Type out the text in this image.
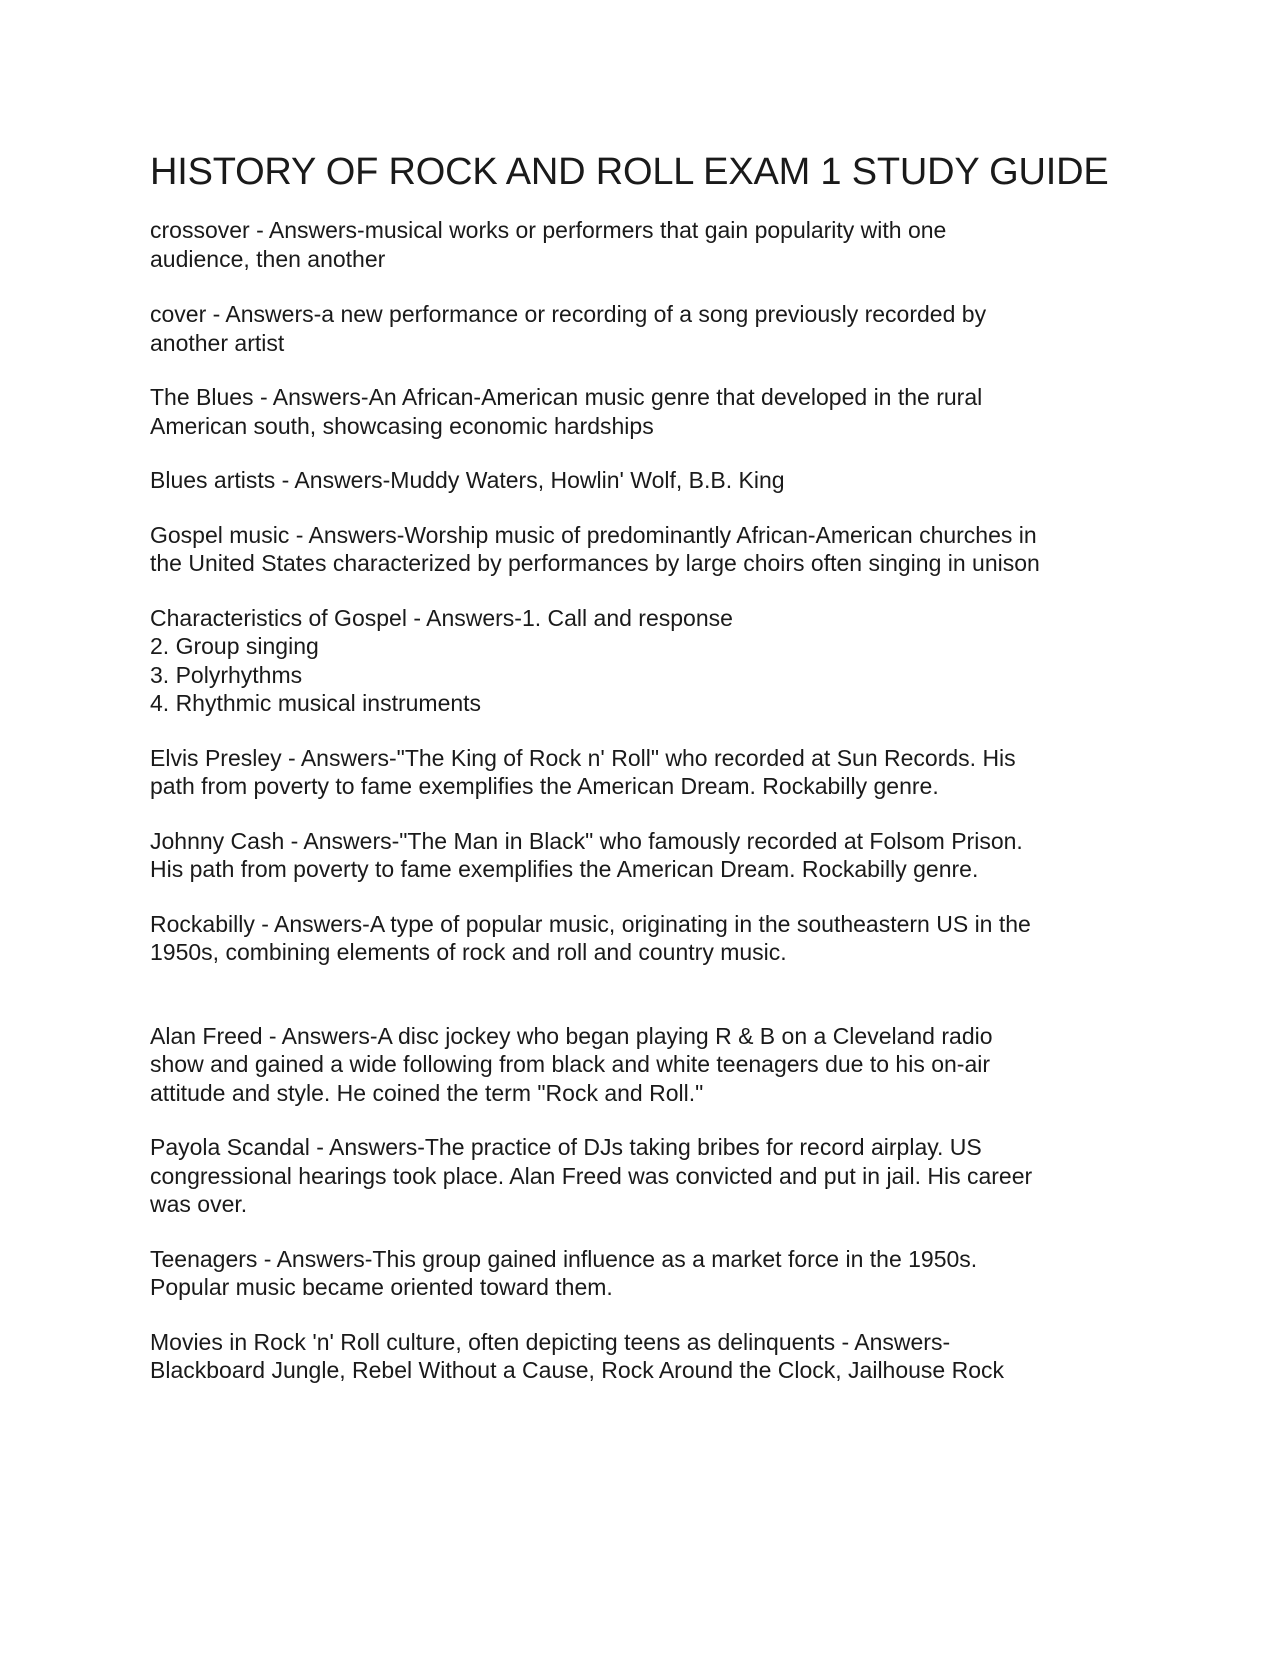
HISTORY OF ROCK AND ROLL EXAM 1 STUDY GUIDE
crossover - Answers-musical works or performers that gain popularity with one
audience, then another
cover - Answers-a new performance or recording of a song previously recorded by
another artist
The Blues - Answers-An African-American music genre that developed in the rural
American south, showcasing economic hardships
Blues artists - Answers-Muddy Waters, Howlin' Wolf, B.B. King
Gospel music - Answers-Worship music of predominantly African-American churches in
the United States characterized by performances by large choirs often singing in unison
Characteristics of Gospel - Answers-1. Call and response
2. Group singing
3. Polyrhythms
4. Rhythmic musical instruments
Elvis Presley - Answers-"The King of Rock n' Roll" who recorded at Sun Records. His
path from poverty to fame exemplifies the American Dream. Rockabilly genre.
Johnny Cash - Answers-"The Man in Black" who famously recorded at Folsom Prison.
His path from poverty to fame exemplifies the American Dream. Rockabilly genre.
Rockabilly - Answers-A type of popular music, originating in the southeastern US in the
1950s, combining elements of rock and roll and country music.
Alan Freed - Answers-A disc jockey who began playing R & B on a Cleveland radio
show and gained a wide following from black and white teenagers due to his on-air
attitude and style. He coined the term "Rock and Roll."
Payola Scandal - Answers-The practice of DJs taking bribes for record airplay. US
congressional hearings took place. Alan Freed was convicted and put in jail. His career
was over.
Teenagers - Answers-This group gained influence as a market force in the 1950s.
Popular music became oriented toward them.
Movies in Rock 'n' Roll culture, often depicting teens as delinquents - Answers-
Blackboard Jungle, Rebel Without a Cause, Rock Around the Clock, Jailhouse Rock
